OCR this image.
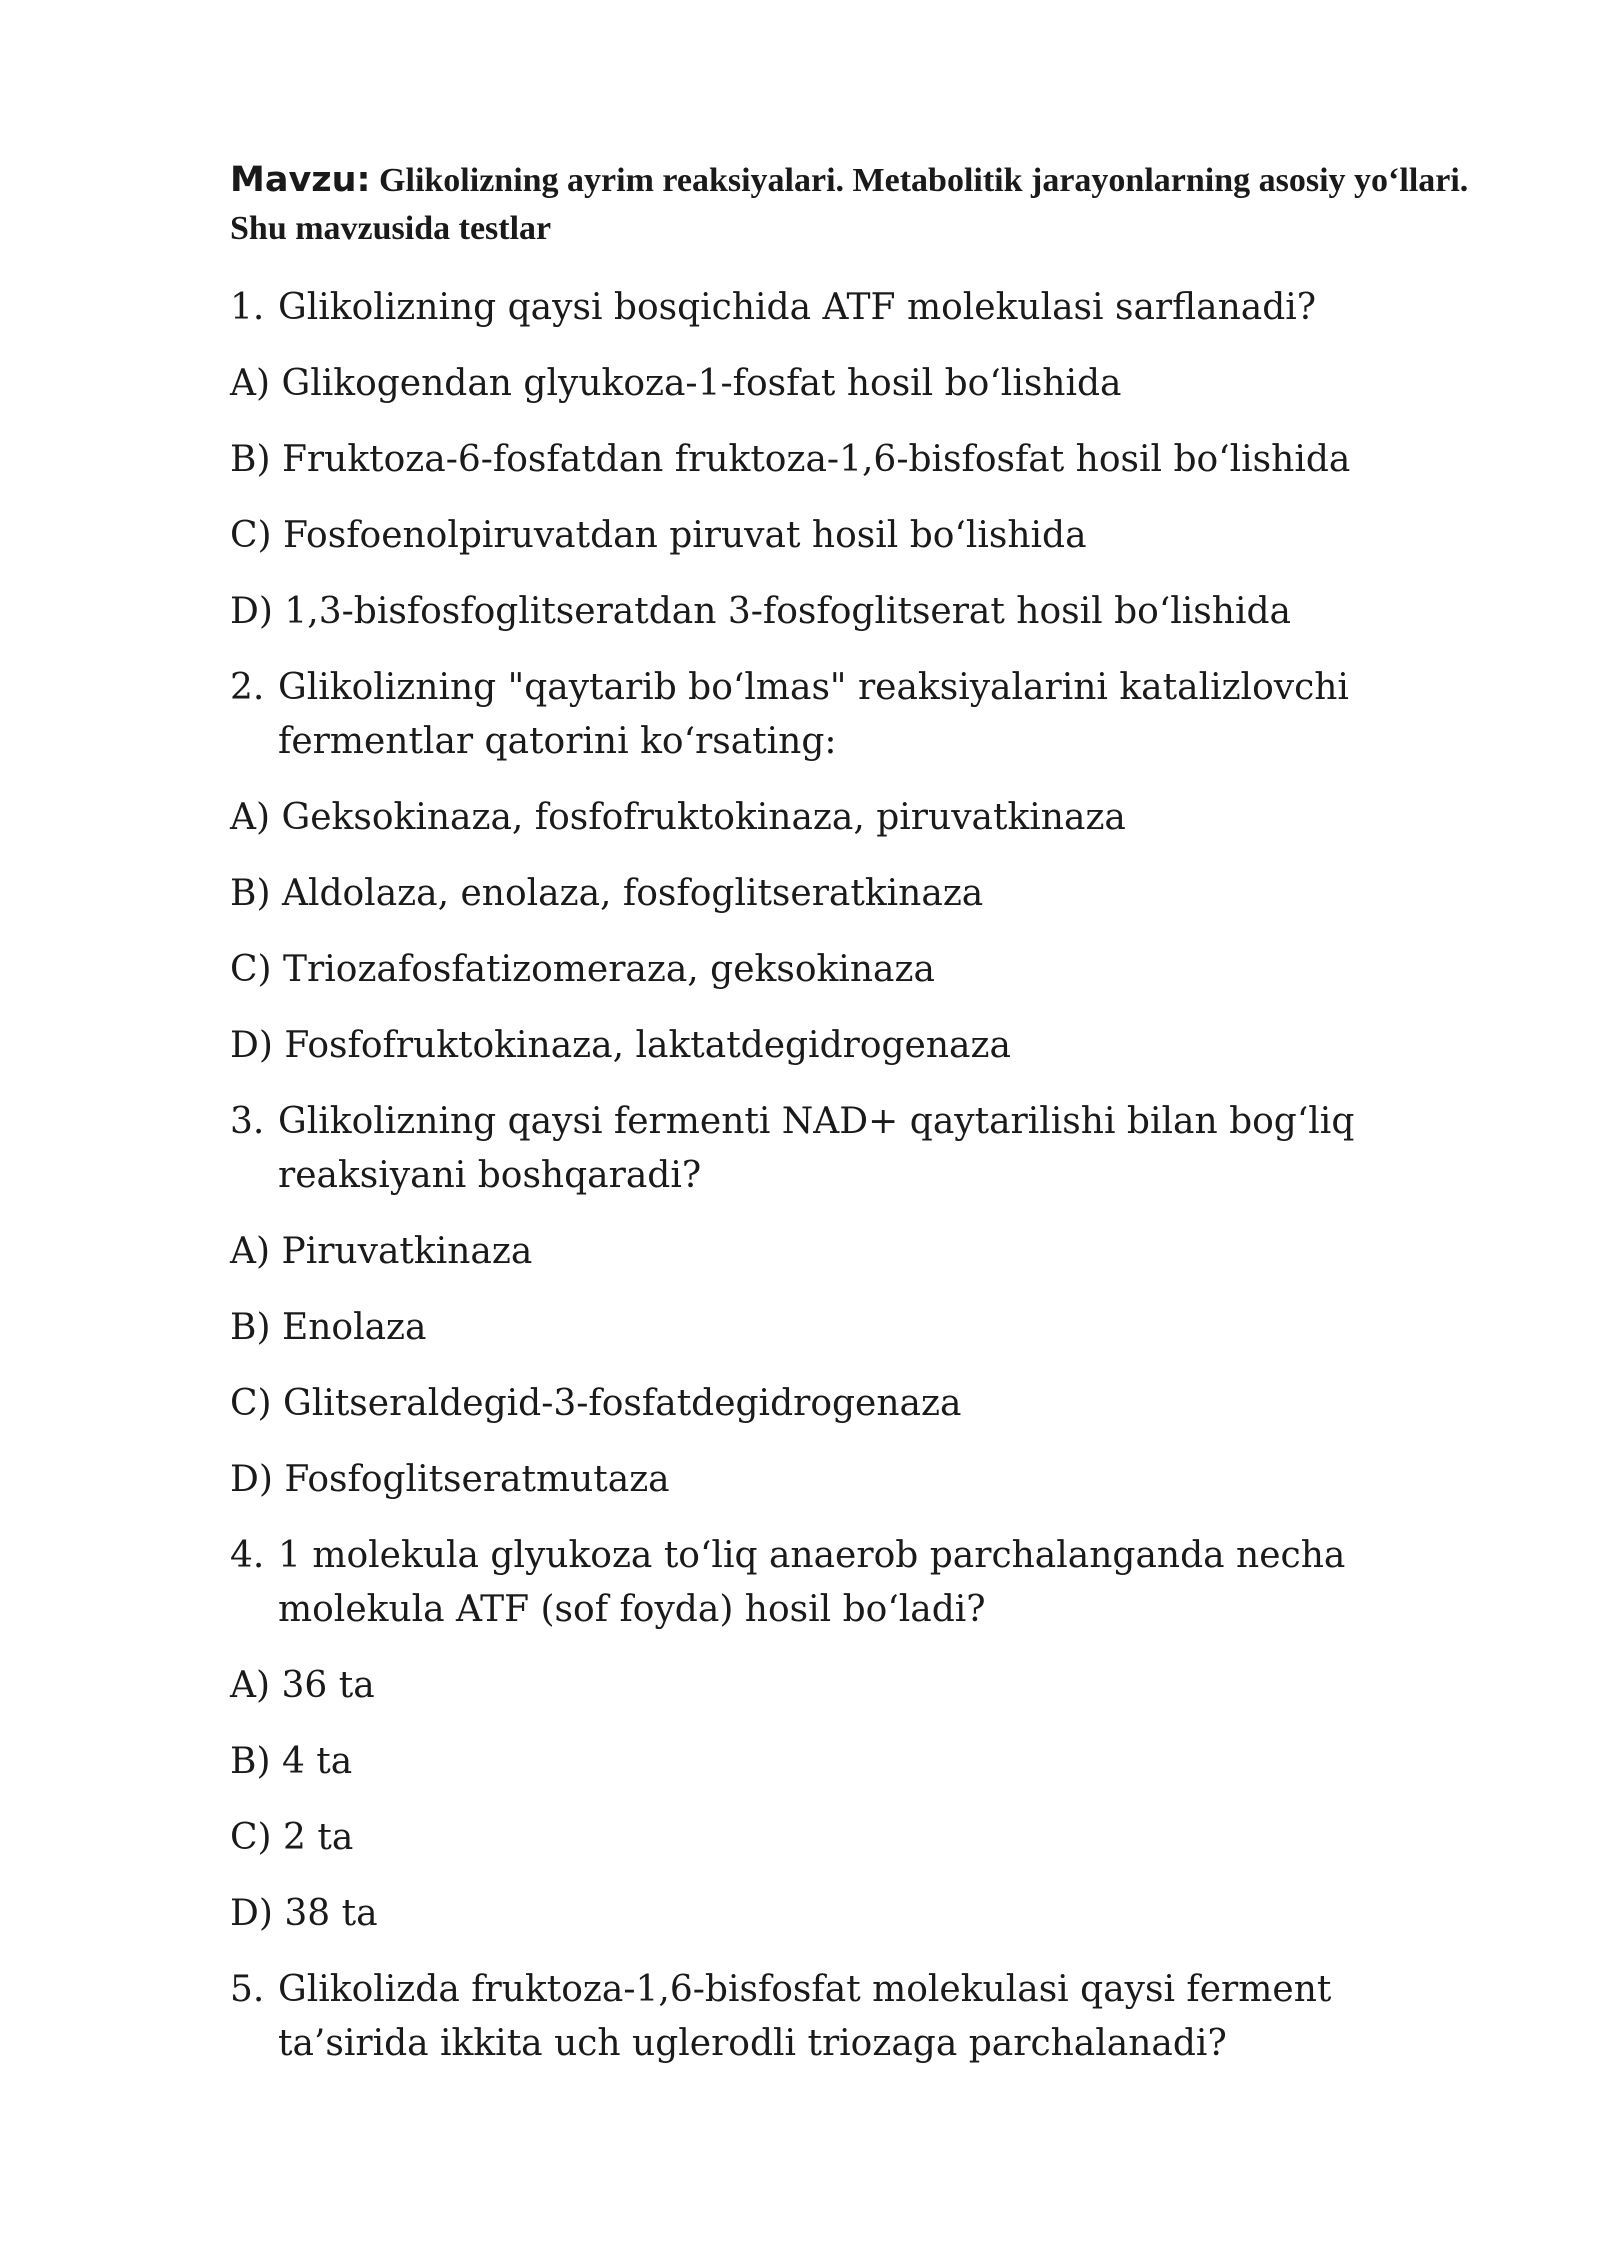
Mavzu: Glikolizning ayrim reaksiyalari. Metabolitik jarayonlarning asosiy yo‘llari. Shu mavzusida testlar
1. Glikolizning qaysi bosqichida ATF molekulasi sarflanadi?
A) Glikogendan glyukoza-1-fosfat hosil bo‘lishida
B) Fruktoza-6-fosfatdan fruktoza-1,6-bisfosfat hosil bo‘lishida
C) Fosfoenolpiruvatdan piruvat hosil bo‘lishida
D) 1,3-bisfosfoglitseratdan 3-fosfoglitserat hosil bo‘lishida
2. Glikolizning "qaytarib bo‘lmas" reaksiyalarini katalizlovchi fermentlar qatorini ko‘rsating:
A) Geksokinaza, fosfofruktokinaza, piruvatkinaza
B) Aldolaza, enolaza, fosfoglitseratkinaza
C) Triozafosfatizomeraza, geksokinaza
D) Fosfofruktokinaza, laktatdegidrogenaza
3. Glikolizning qaysi fermenti NAD+ qaytarilishi bilan bog‘liq reaksiyani boshqaradi?
A) Piruvatkinaza
B) Enolaza
C) Glitseraldegid-3-fosfatdegidrogenaza
D) Fosfoglitseratmutaza
4. 1 molekula glyukoza to‘liq anaerob parchalanganda necha molekula ATF (sof foyda) hosil bo‘ladi?
A) 36 ta
B) 4 ta
C) 2 ta
D) 38 ta
5. Glikolizda fruktoza-1,6-bisfosfat molekulasi qaysi ferment ta’sirida ikkita uch uglerodli triozaga parchalanadi?
